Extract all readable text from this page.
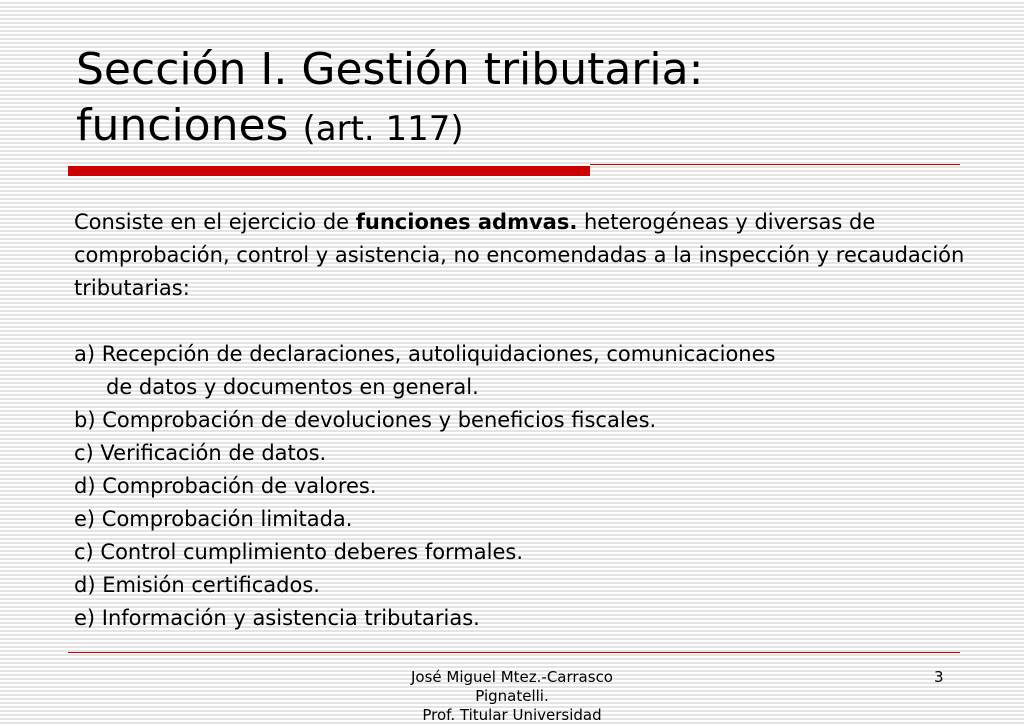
Sección I. Gestión tributaria:
funciones (art. 117)

Consiste en el ejercicio de funciones admvas. heterogéneas y diversas de comprobación, control y asistencia, no encomendadas a la inspección y recaudación tributarias:

a) Recepción de declaraciones, autoliquidaciones, comunicaciones

de datos y documentos en general.

b) Comprobación de devoluciones y beneficios fiscales.

c) Verificación de datos.

d) Comprobación de valores.

e) Comprobación limitada.

c) Control cumplimiento deberes formales.

d) Emisión certificados.

e) Información y asistencia tributarias.

José Miguel Mtez.-Carrasco
Pignatelli.
Prof. Titular Universidad
3
